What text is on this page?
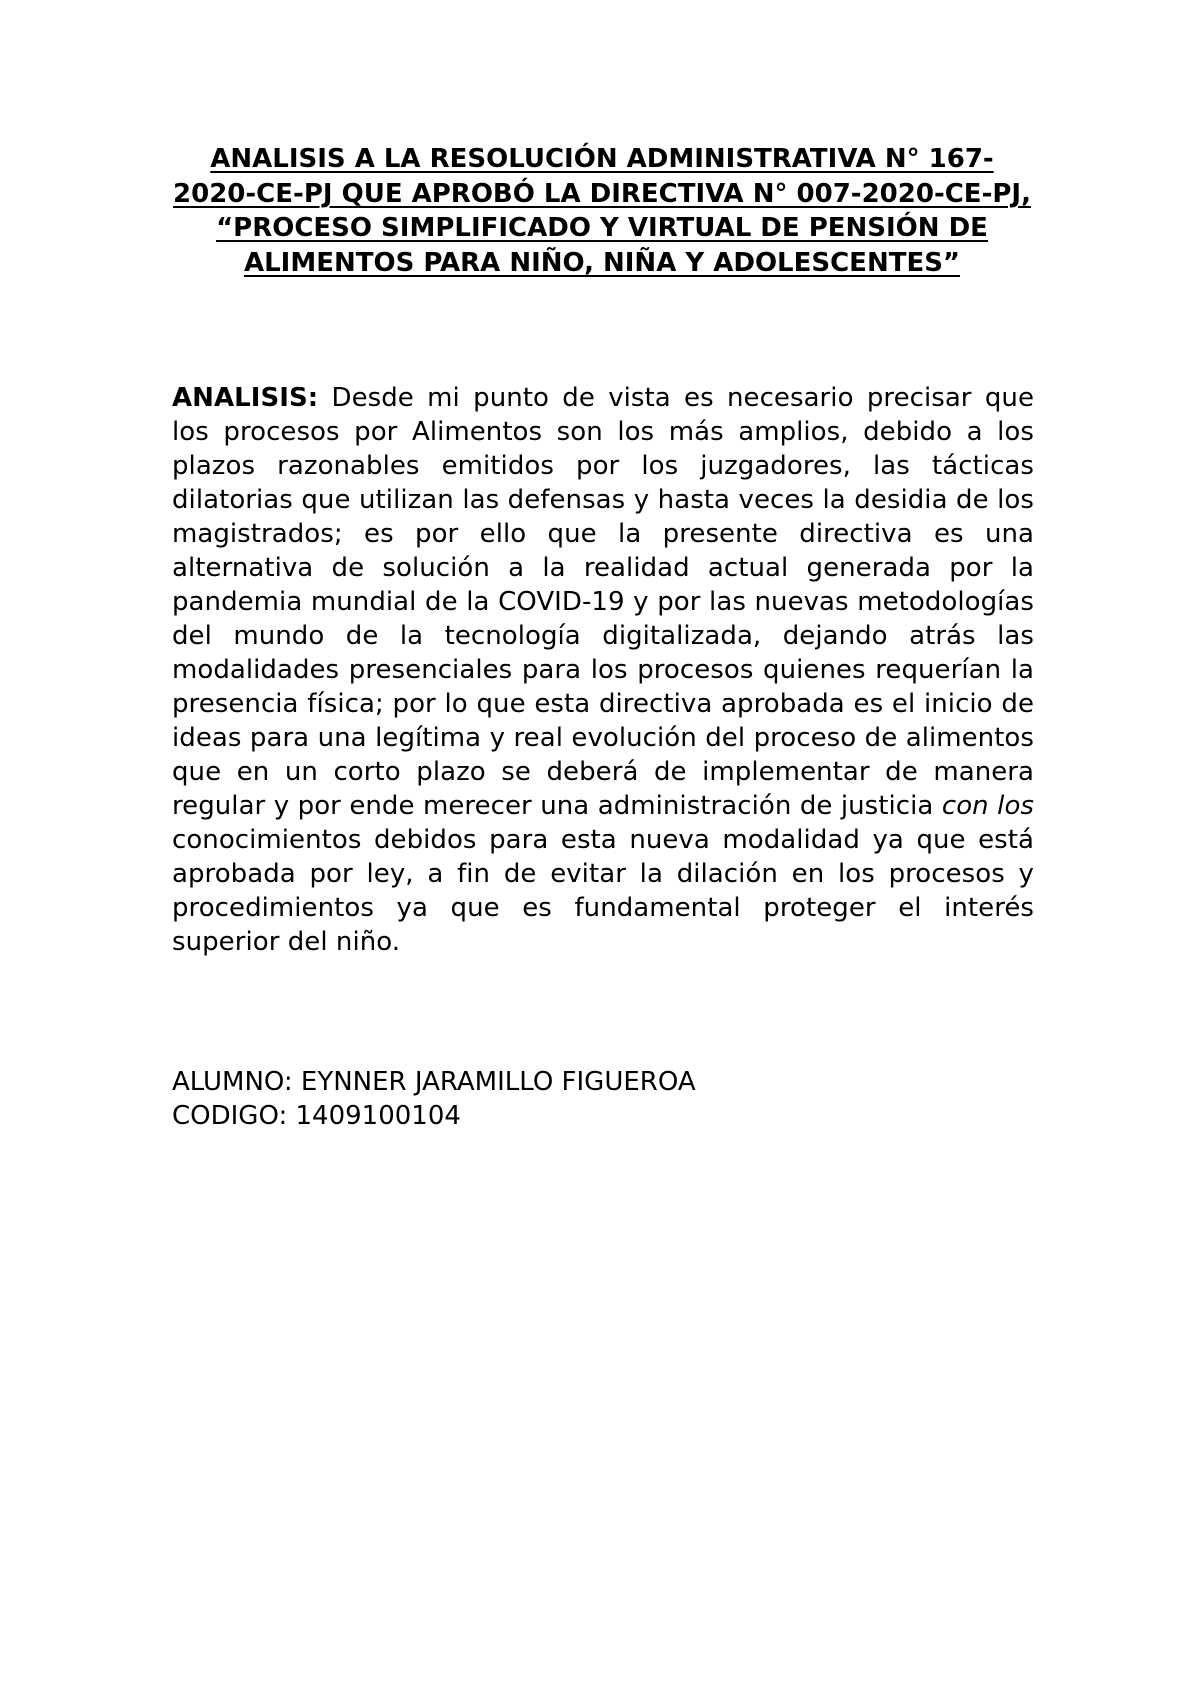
ANALISIS A LA RESOLUCIÓN ADMINISTRATIVA N° 167-2020-CE-PJ QUE APROBÓ LA DIRECTIVA N° 007-2020-CE-PJ, “PROCESO SIMPLIFICADO Y VIRTUAL DE PENSIÓN DE ALIMENTOS PARA NIÑO, NIÑA Y ADOLESCENTES”

ANALISIS: Desde mi punto de vista es necesario precisar que los procesos por Alimentos son los más amplios, debido a los plazos razonables emitidos por los juzgadores, las tácticas dilatorias que utilizan las defensas y hasta veces la desidia de los magistrados; es por ello que la presente directiva es una alternativa de solución a la realidad actual generada por la pandemia mundial de la COVID-19 y por las nuevas metodologías del mundo de la tecnología digitalizada, dejando atrás las modalidades presenciales para los procesos quienes requerían la presencia física; por lo que esta directiva aprobada es el inicio de ideas para una legítima y real evolución del proceso de alimentos que en un corto plazo se deberá de implementar de manera regular y por ende merecer una administración de justicia con los conocimientos debidos para esta nueva modalidad ya que está aprobada por ley, a fin de evitar la dilación en los procesos y procedimientos ya que es fundamental proteger el interés superior del niño.

ALUMNO: EYNNER JARAMILLO FIGUEROA
CODIGO: 1409100104
